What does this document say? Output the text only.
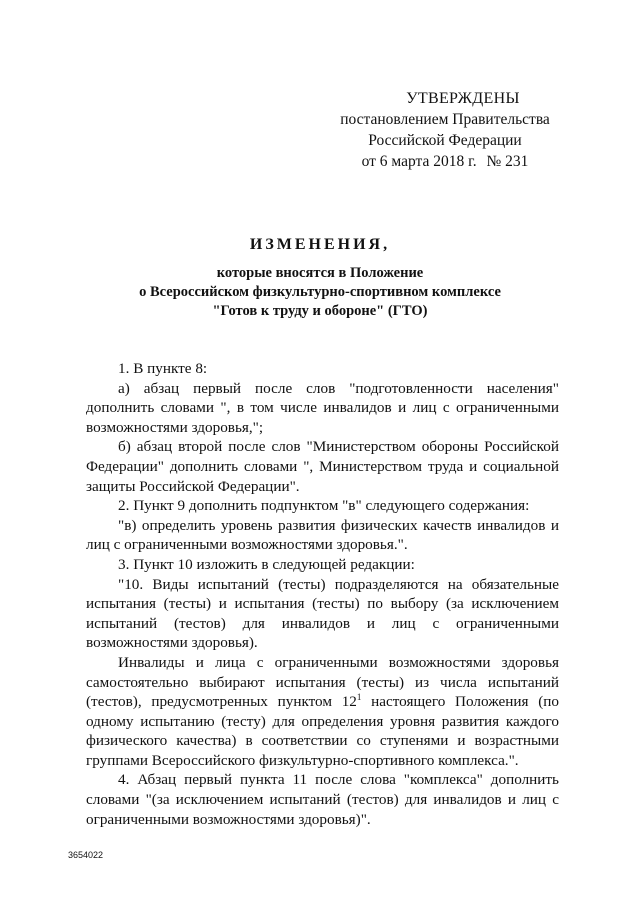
УТВЕРЖДЕНЫ
постановлением Правительства
Российской Федерации
от 6 марта 2018 г. № 231
ИЗМЕНЕНИЯ,
которые вносятся в Положение
о Всероссийском физкультурно-спортивном комплексе
"Готов к труду и обороне" (ГТО)

1. В пункте 8:

а) абзац первый после слов "подготовленности населения" дополнить словами ", в том числе инвалидов и лиц с ограниченными возможностями здоровья,";

б) абзац второй после слов "Министерством обороны Российской Федерации" дополнить словами ", Министерством труда и социальной защиты Российской Федерации".

2. Пункт 9 дополнить подпунктом "в" следующего содержания:

"в) определить уровень развития физических качеств инвалидов и лиц с ограниченными возможностями здоровья.".

3. Пункт 10 изложить в следующей редакции:

"10. Виды испытаний (тесты) подразделяются на обязательные испытания (тесты) и испытания (тесты) по выбору (за исключением испытаний (тестов) для инвалидов и лиц с ограниченными возможностями здоровья).

Инвалиды и лица с ограниченными возможностями здоровья самостоятельно выбирают испытания (тесты) из числа испытаний (тестов), предусмотренных пунктом $12^1$ настоящего Положения (по одному испытанию (тесту) для определения уровня развития каждого физического качества) в соответствии со ступенями и возрастными группами Всероссийского физкультурно-спортивного комплекса.".

4. Абзац первый пункта 11 после слова "комплекса" дополнить словами "(за исключением испытаний (тестов) для инвалидов и лиц с ограниченными возможностями здоровья)".

3654022
